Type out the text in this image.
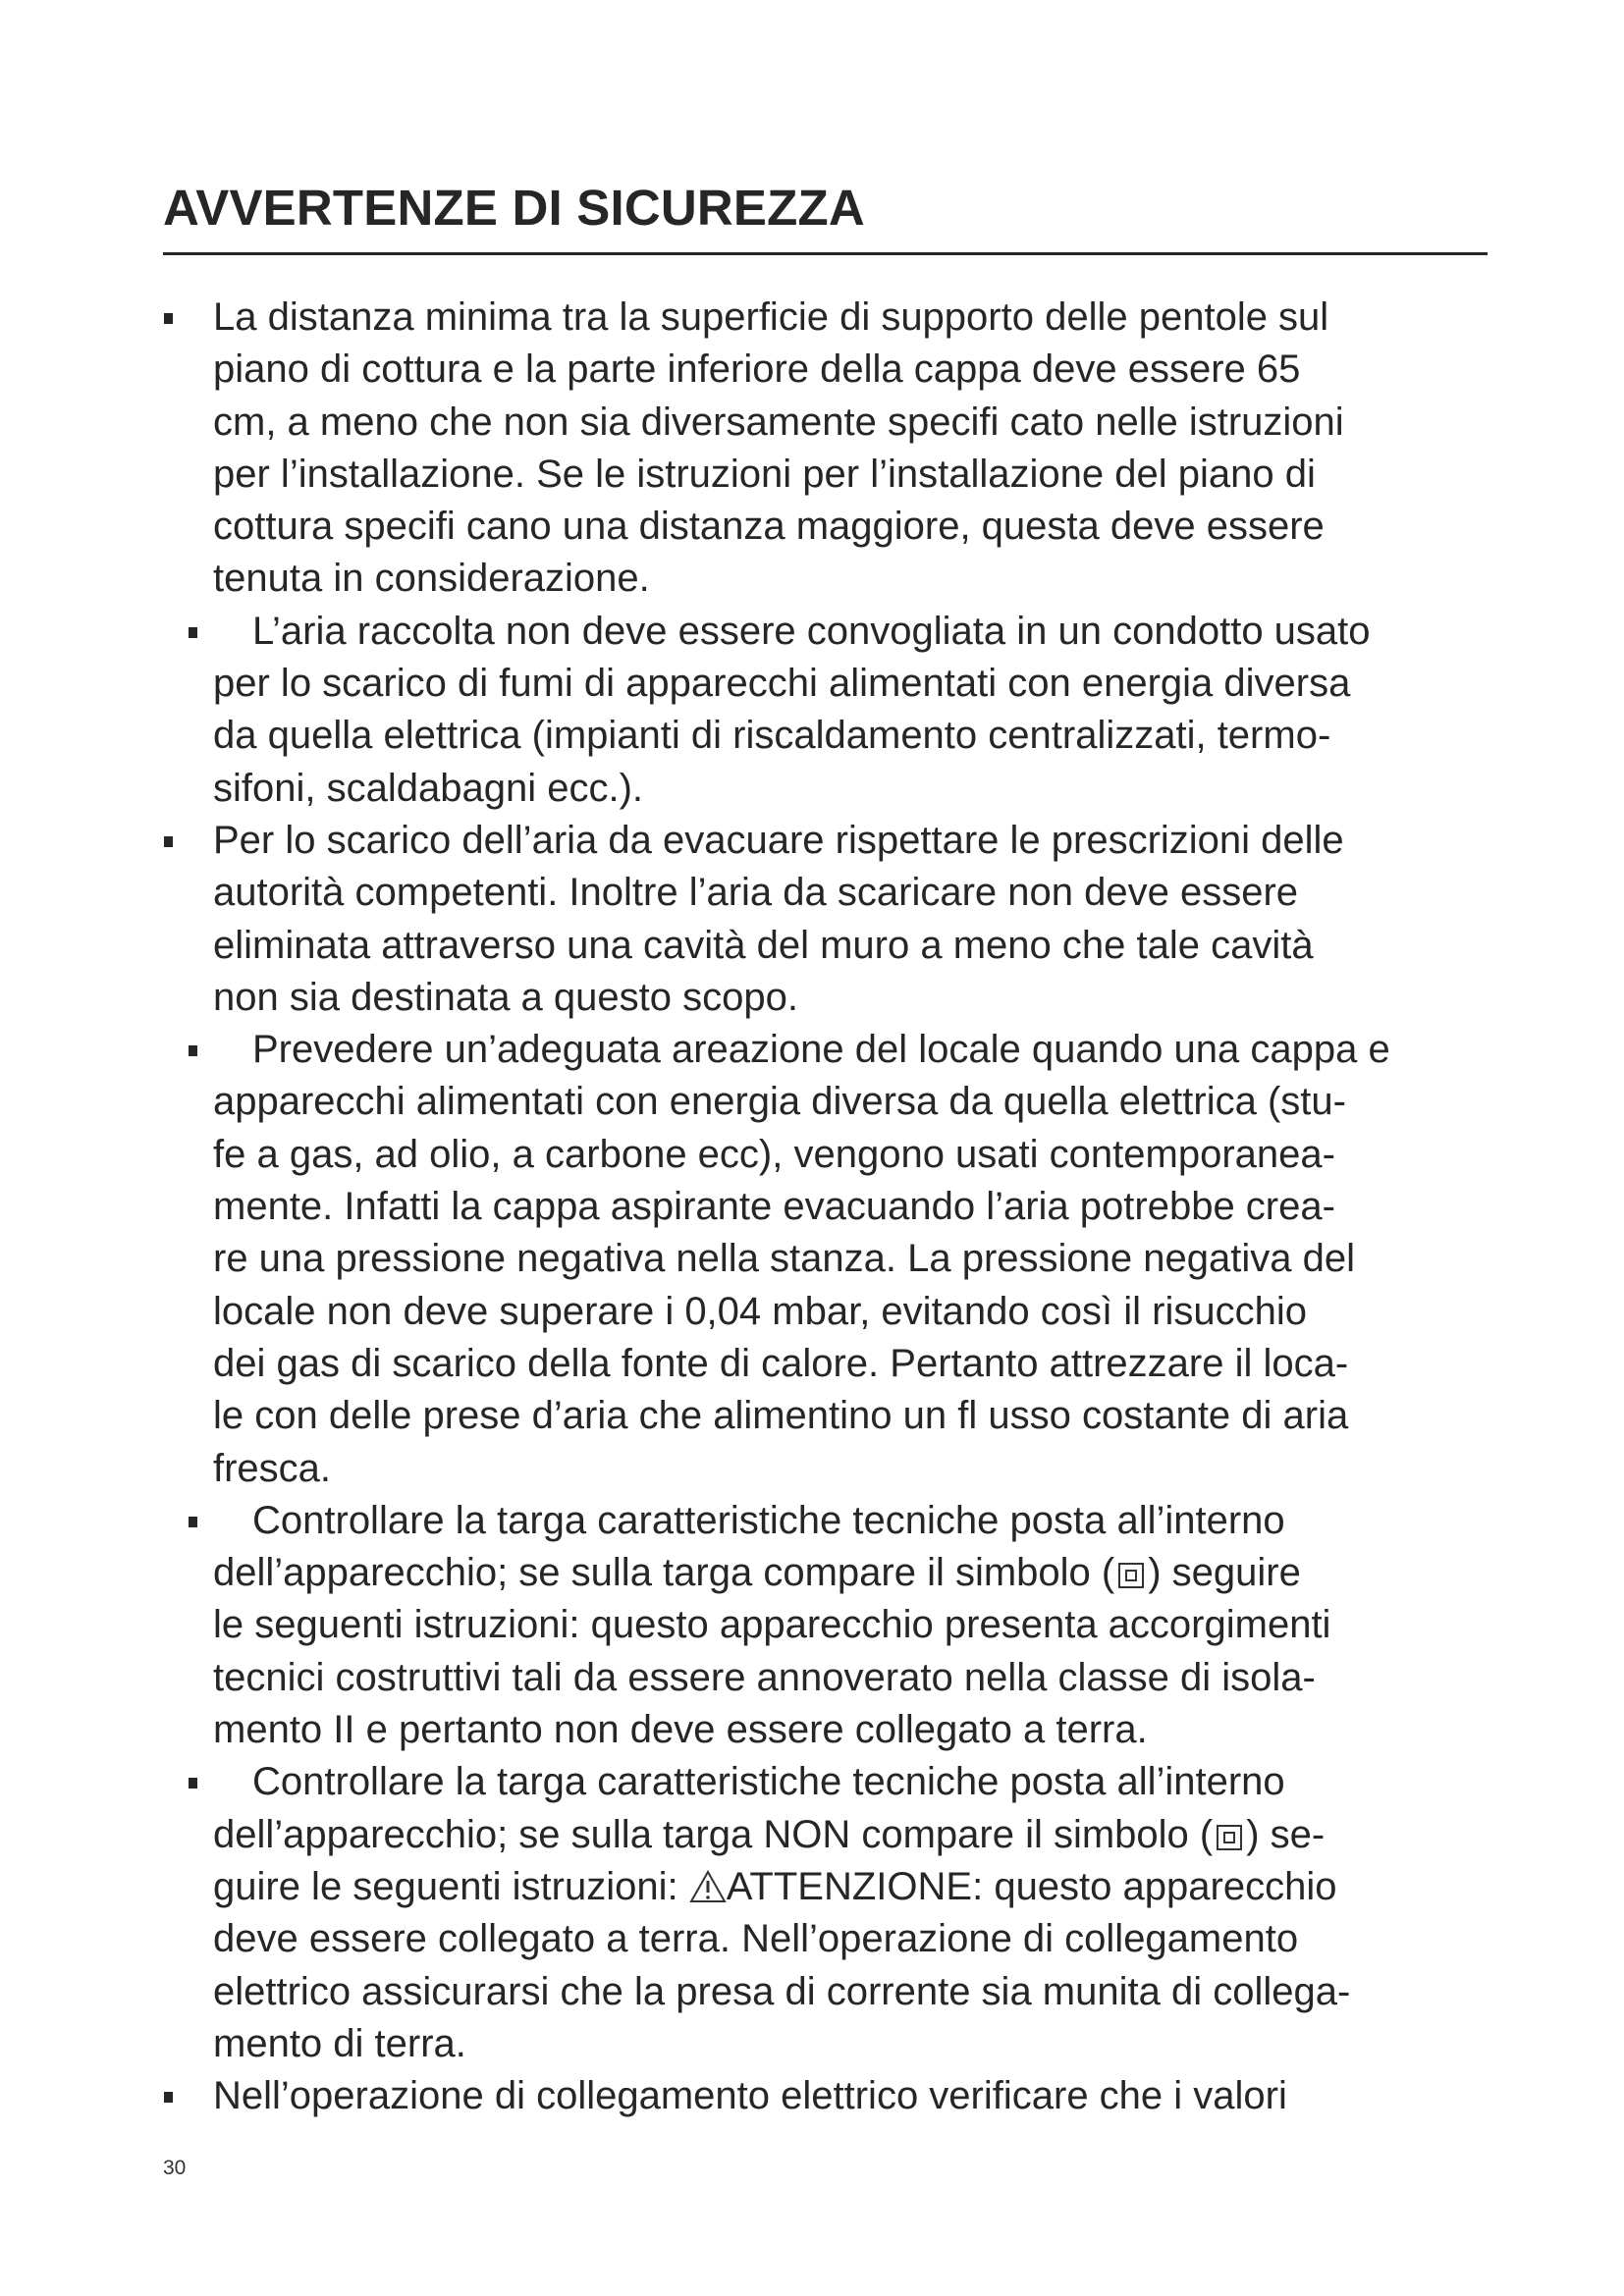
AVVERTENZE DI SICUREZZA
La distanza minima tra la superficie di supporto delle pentole sul
piano di cottura e la parte inferiore della cappa deve essere 65
cm, a meno che non sia diversamente specifi cato nelle istruzioni
per l’installazione. Se le istruzioni per l’installazione del piano di
cottura specifi cano una distanza maggiore, questa deve essere
tenuta in considerazione.
L’aria raccolta non deve essere convogliata in un condotto usato
per lo scarico di fumi di apparecchi alimentati con energia diversa
da quella elettrica (impianti di riscaldamento centralizzati, termo-
sifoni, scaldabagni ecc.).
Per lo scarico dell’aria da evacuare rispettare le prescrizioni delle
autorità competenti. Inoltre l’aria da scaricare non deve essere
eliminata attraverso una cavità del muro a meno che tale cavità
non sia destinata a questo scopo.
Prevedere un’adeguata areazione del locale quando una cappa e
apparecchi alimentati con energia diversa da quella elettrica (stu-
fe a gas, ad olio, a carbone ecc), vengono usati contemporanea-
mente. Infatti la cappa aspirante evacuando l’aria potrebbe crea-
re una pressione negativa nella stanza. La pressione negativa del
locale non deve superare i 0,04 mbar, evitando così il risucchio
dei gas di scarico della fonte di calore. Pertanto attrezzare il loca-
le con delle prese d’aria che alimentino un fl usso costante di aria
fresca.
Controllare la targa caratteristiche tecniche posta all’interno
dell’apparecchio; se sulla targa compare il simbolo ( ) seguire
le seguenti istruzioni: questo apparecchio presenta accorgimenti
tecnici costruttivi tali da essere annoverato nella classe di isola-
mento II e pertanto non deve essere collegato a terra.
Controllare la targa caratteristiche tecniche posta all’interno
dell’apparecchio; se sulla targa NON compare il simbolo ( ) se-
guire le seguenti istruzioni: ATTENZIONE: questo apparecchio
deve essere collegato a terra. Nell’operazione di collegamento
elettrico assicurarsi che la presa di corrente sia munita di collega-
mento di terra.
Nell’operazione di collegamento elettrico verificare che i valori
30
